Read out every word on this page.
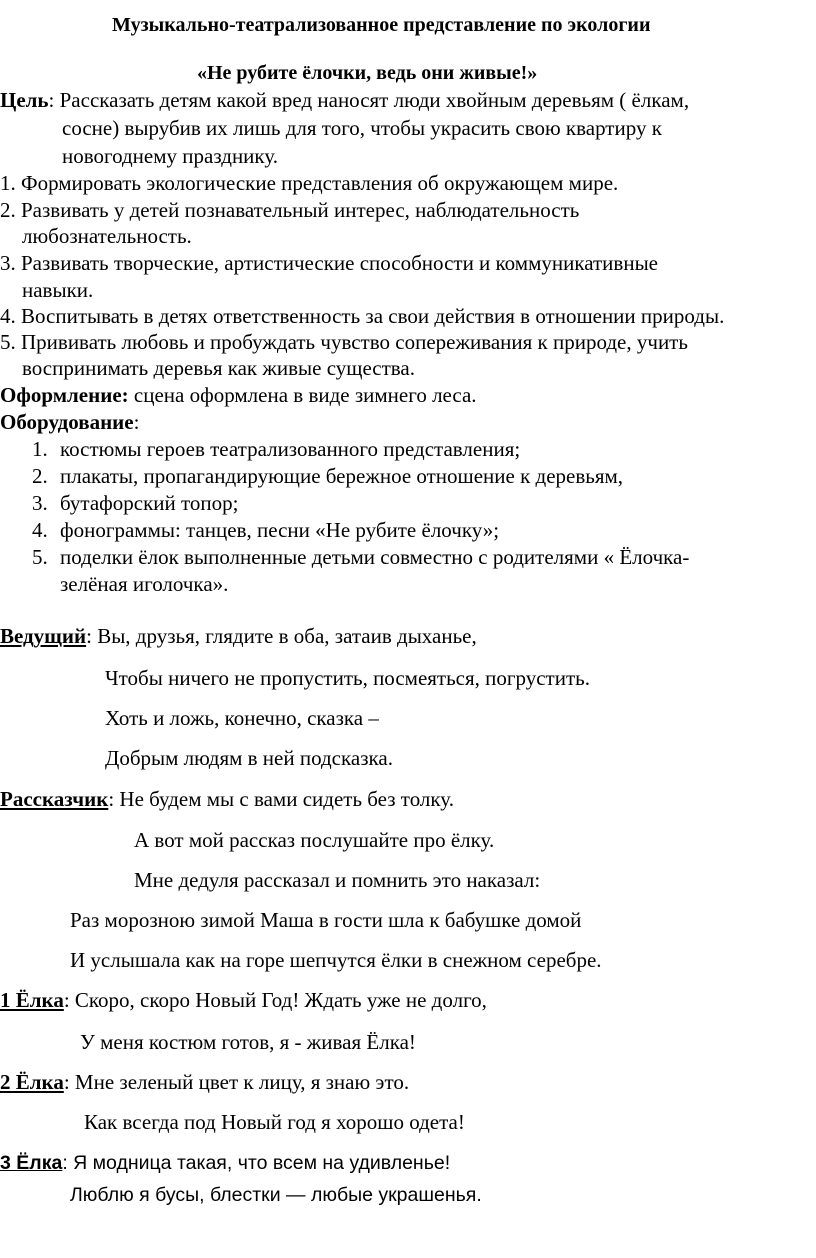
Музыкально-театрализованное представление по экологии
«Не рубите ёлочки, ведь они живые!»
Цель: Рассказать детям какой вред наносят люди хвойным деревьям ( ёлкам,
сосне) вырубив их лишь для того, чтобы украсить свою квартиру к
новогоднему празднику.
1. Формировать экологические представления об окружающем мире.
2. Развивать у детей познавательный интерес, наблюдательность
любознательность.
3. Развивать творческие, артистические способности и коммуникативные
навыки.
4. Воспитывать в детях ответственность за свои действия в отношении природы.
5. Прививать любовь и пробуждать чувство сопереживания к природе, учить
воспринимать деревья как живые существа.
Оформление: сцена оформлена в виде зимнего леса.
Оборудование:
1. костюмы героев театрализованного представления;
2. плакаты, пропагандирующие бережное отношение к деревьям,
3. бутафорский топор;
4. фонограммы: танцев, песни «Не рубите ёлочку»;
5. поделки ёлок выполненные детьми совместно с родителями « Ёлочка-
зелёная иголочка».
Ведущий: Вы, друзья, глядите в оба, затаив дыханье,
Чтобы ничего не пропустить, посмеяться, погрустить.
Хоть и ложь, конечно, сказка –
Добрым людям в ней подсказка.
Рассказчик: Не будем мы с вами сидеть без толку.
А вот мой рассказ послушайте про ёлку.
Мне дедуля рассказал и помнить это наказал:
Раз морозною зимой Маша в гости шла к бабушке домой
И услышала как на горе шепчутся ёлки в снежном серебре.
1 Ёлка: Скоро, скоро Новый Год! Ждать уже не долго,
У меня костюм готов, я - живая Ёлка!
2 Ёлка: Мне зеленый цвет к лицу, я знаю это.
Как всегда под Новый год я хорошо одета!
3 Ёлка: Я модница такая, что всем на удивленье!
Люблю я бусы, блестки — любые украшенья.
